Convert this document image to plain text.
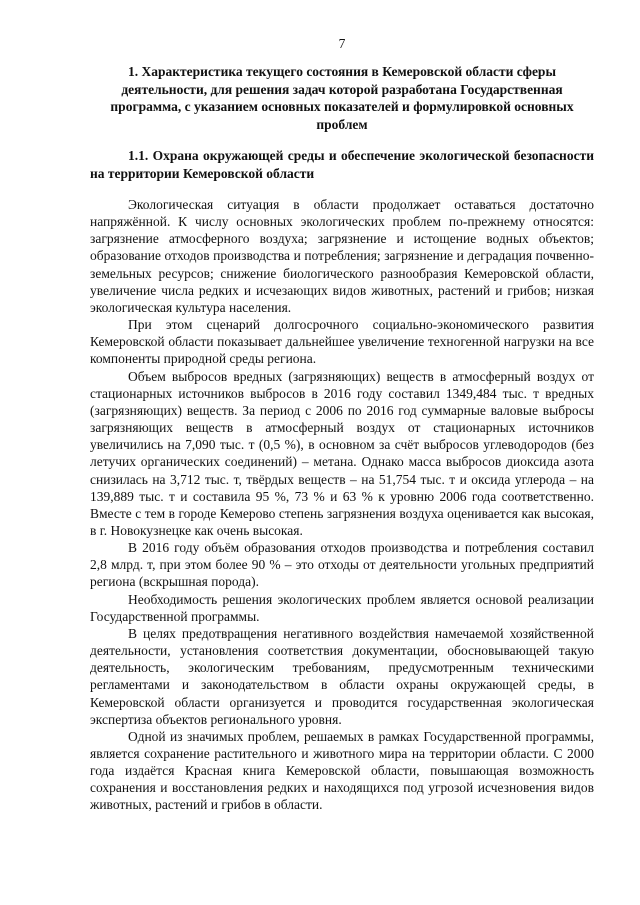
7
1. Характеристика текущего состояния в Кемеровской области сферы деятельности, для решения задач которой разработана Государственная программа, с указанием основных показателей и формулировкой основных проблем
1.1. Охрана окружающей среды и обеспечение экологической безопасности на территории Кемеровской области

Экологическая ситуация в области продолжает оставаться достаточно напряжённой. К числу основных экологических проблем по-прежнему относятся: загрязнение атмосферного воздуха; загрязнение и истощение водных объектов; образование отходов производства и потребления; загрязнение и деградация почвенно-земельных ресурсов; снижение биологического разнообразия Кемеровской области, увеличение числа редких и исчезающих видов животных, растений и грибов; низкая экологическая культура населения.

При этом сценарий долгосрочного социально-экономического развития Кемеровской области показывает дальнейшее увеличение техногенной нагрузки на все компоненты природной среды региона.

Объем выбросов вредных (загрязняющих) веществ в атмосферный воздух от стационарных источников выбросов в 2016 году составил 1349,484 тыс. т вредных (загрязняющих) веществ. За период с 2006 по 2016 год суммарные валовые выбросы загрязняющих веществ в атмосферный воздух от стационарных источников увеличились на 7,090 тыс. т (0,5 %), в основном за счёт выбросов углеводородов (без летучих органических соединений) – метана. Однако масса выбросов диоксида азота снизилась на 3,712 тыс. т, твёрдых веществ – на 51,754 тыс. т и оксида углерода – на 139,889 тыс. т и составила 95 %, 73 % и 63 % к уровню 2006 года соответственно. Вместе с тем в городе Кемерово степень загрязнения воздуха оценивается как высокая, в г. Новокузнецке как очень высокая.

В 2016 году объём образования отходов производства и потребления составил 2,8 млрд. т, при этом более 90 % – это отходы от деятельности угольных предприятий региона (вскрышная порода).

Необходимость решения экологических проблем является основой реализации Государственной программы.

В целях предотвращения негативного воздействия намечаемой хозяйственной деятельности, установления соответствия документации, обосновывающей такую деятельность, экологическим требованиям, предусмотренным техническими регламентами и законодательством в области охраны окружающей среды, в Кемеровской области организуется и проводится государственная экологическая экспертиза объектов регионального уровня.

Одной из значимых проблем, решаемых в рамках Государственной программы, является сохранение растительного и животного мира на территории области. С 2000 года издаётся Красная книга Кемеровской области, повышающая возможность сохранения и восстановления редких и находящихся под угрозой исчезновения видов животных, растений и грибов в области.
